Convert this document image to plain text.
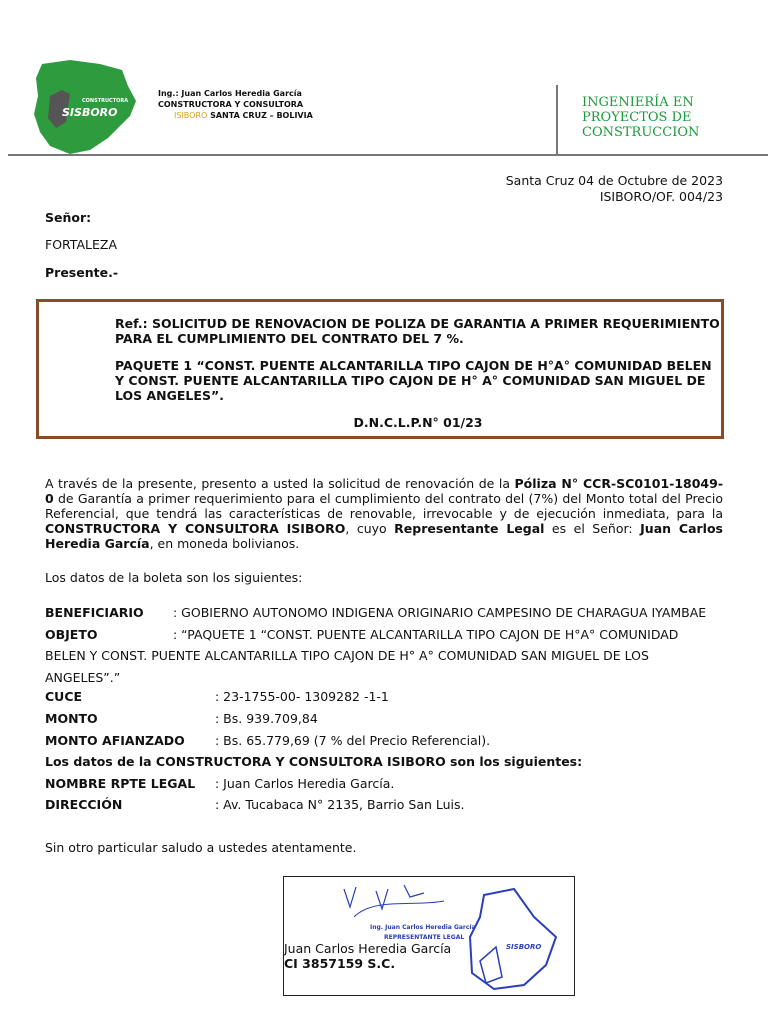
CONSTRUCTORA
SISBORO
Ing.: Juan Carlos Heredia García
CONSTRUCTORA Y CONSULTORA
ISIBORO SANTA CRUZ – BOLIVIA
INGENIERÍA EN
PROYECTOS DE
CONSTRUCCION
Santa Cruz 04 de Octubre de 2023
ISIBORO/OF. 004/23
Señor:
FORTALEZA
Presente.-

Ref.: SOLICITUD DE RENOVACION DE POLIZA DE GARANTIA A PRIMER REQUERIMIENTO PARA EL CUMPLIMIENTO DEL CONTRATO DEL 7 %.

PAQUETE 1 “CONST. PUENTE ALCANTARILLA TIPO CAJON DE H°A° COMUNIDAD BELEN Y CONST. PUENTE ALCANTARILLA TIPO CAJON DE H° A° COMUNIDAD SAN MIGUEL DE LOS ANGELES”.

D.N.C.L.P.N° 01/23
A través de la presente, presento a usted la solicitud de renovación de la Póliza N° CCR-SC0101-18049-0 de Garantía a primer requerimiento para el cumplimiento del contrato del (7%) del Monto total del Precio Referencial, que tendrá las características de renovable, irrevocable y de ejecución inmediata, para la CONSTRUCTORA Y CONSULTORA ISIBORO, cuyo Representante Legal es el Señor: Juan Carlos Heredia García, en moneda bolivianos.
Los datos de la boleta son los siguientes:
BENEFICIARIO : GOBIERNO AUTONOMO INDIGENA ORIGINARIO CAMPESINO DE CHARAGUA IYAMBAE
OBJETO	: “PAQUETE 1 “CONST. PUENTE ALCANTARILLA TIPO CAJON DE H°A° COMUNIDAD
BELEN Y CONST. PUENTE ALCANTARILLA TIPO CAJON DE H° A° COMUNIDAD SAN MIGUEL DE LOS
ANGELES”.”
CUCE	: 23-1755-00- 1309282 -1-1
MONTO	: Bs. 939.709,84
MONTO AFIANZADO : Bs. 65.779,69 (7 % del Precio Referencial).
Los datos de la CONSTRUCTORA Y CONSULTORA ISIBORO son los siguientes:
NOMBRE RPTE LEGAL : Juan Carlos Heredia García.
DIRECCIÓN	: Av. Tucabaca N° 2135, Barrio San Luis.
Sin otro particular saludo a ustedes atentamente.
Ing. Juan Carlos Heredia García
REPRESENTANTE LEGAL
SISBORO
Juan Carlos Heredia García
CI 3857159 S.C.
